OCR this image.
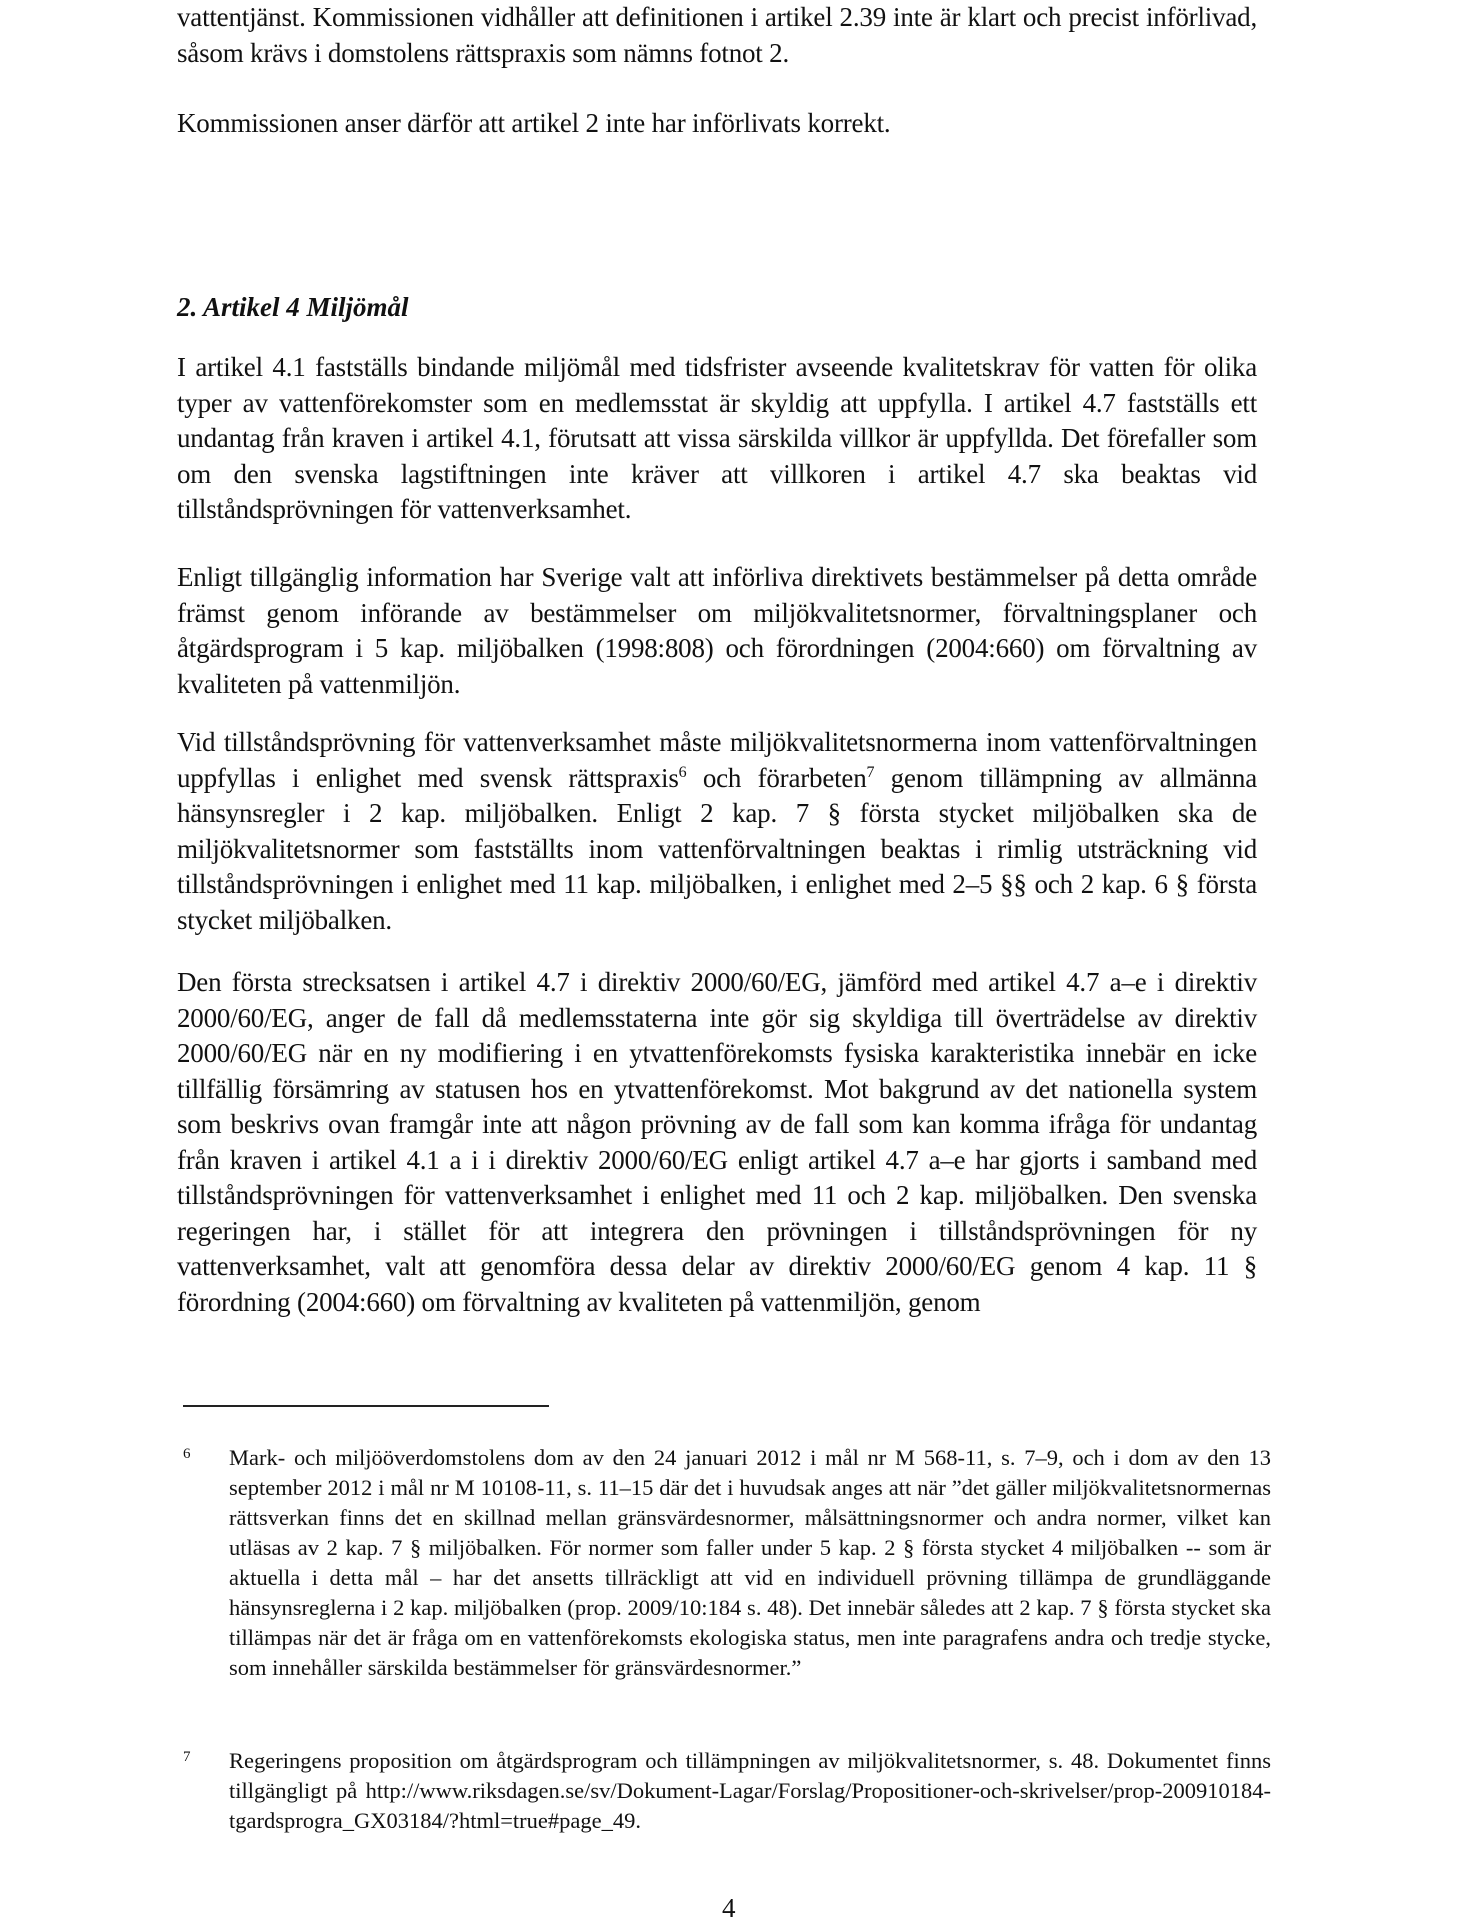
vattentjänst. Kommissionen vidhåller att definitionen i artikel 2.39 inte är klart och precist införlivad, såsom krävs i domstolens rättspraxis som nämns fotnot 2.

Kommissionen anser därför att artikel 2 inte har införlivats korrekt.

2. Artikel 4 Miljömål

I artikel 4.1 fastställs bindande miljömål med tidsfrister avseende kvalitetskrav för vatten för olika typer av vattenförekomster som en medlemsstat är skyldig att uppfylla. I artikel 4.7 fastställs ett undantag från kraven i artikel 4.1, förutsatt att vissa särskilda villkor är uppfyllda. Det förefaller som om den svenska lagstiftningen inte kräver att villkoren i artikel 4.7 ska beaktas vid tillståndsprövningen för vattenverksamhet.

Enligt tillgänglig information har Sverige valt att införliva direktivets bestämmelser på detta område främst genom införande av bestämmelser om miljökvalitetsnormer, förvaltningsplaner och åtgärdsprogram i 5 kap. miljöbalken (1998:808) och förordningen (2004:660) om förvaltning av kvaliteten på vattenmiljön.

Vid tillståndsprövning för vattenverksamhet måste miljökvalitetsnormerna inom vattenförvaltningen uppfyllas i enlighet med svensk rättspraxis$^6$ och förarbeten$^7$ genom tillämpning av allmänna hänsynsregler i 2 kap. miljöbalken. Enligt 2 kap. 7 § första stycket miljöbalken ska de miljökvalitetsnormer som fastställts inom vattenförvaltningen beaktas i rimlig utsträckning vid tillståndsprövningen i enlighet med 11 kap. miljöbalken, i enlighet med 2–5 §§ och 2 kap. 6 § första stycket miljöbalken.

Den första strecksatsen i artikel 4.7 i direktiv 2000/60/EG, jämförd med artikel 4.7 a–e i direktiv 2000/60/EG, anger de fall då medlemsstaterna inte gör sig skyldiga till överträdelse av direktiv 2000/60/EG när en ny modifiering i en ytvattenförekomsts fysiska karakteristika innebär en icke tillfällig försämring av statusen hos en ytvattenförekomst. Mot bakgrund av det nationella system som beskrivs ovan framgår inte att någon prövning av de fall som kan komma ifråga för undantag från kraven i artikel 4.1 a i i direktiv 2000/60/EG enligt artikel 4.7 a–e har gjorts i samband med tillståndsprövningen för vattenverksamhet i enlighet med 11 och 2 kap. miljöbalken. Den svenska regeringen har, i stället för att integrera den prövningen i tillståndsprövningen för ny vattenverksamhet, valt att genomföra dessa delar av direktiv 2000/60/EG genom 4 kap. 11 § förordning (2004:660) om förvaltning av kvaliteten på vattenmiljön, genom

6 Mark- och miljööverdomstolens dom av den 24 januari 2012 i mål nr M 568-11, s. 7–9, och i dom av den 13 september 2012 i mål nr M 10108-11, s. 11–15 där det i huvudsak anges att när ”det gäller miljökvalitetsnormernas rättsverkan finns det en skillnad mellan gränsvärdesnormer, målsättningsnormer och andra normer, vilket kan utläsas av 2 kap. 7 § miljöbalken. För normer som faller under 5 kap. 2 § första stycket 4 miljöbalken -- som är aktuella i detta mål – har det ansetts tillräckligt att vid en individuell prövning tillämpa de grundläggande hänsynsreglerna i 2 kap. miljöbalken (prop. 2009/10:184 s. 48). Det innebär således att 2 kap. 7 § första stycket ska tillämpas när det är fråga om en vattenförekomsts ekologiska status, men inte paragrafens andra och tredje stycke, som innehåller särskilda bestämmelser för gränsvärdesnormer.”
7 Regeringens proposition om åtgärdsprogram och tillämpningen av miljökvalitetsnormer, s. 48. Dokumentet finns tillgängligt på http://www.riksdagen.se/sv/Dokument-Lagar/Forslag/Propositioner-och-skrivelser/prop-200910184-tgardsprogra_GX03184/?html=true#page_49.
4
